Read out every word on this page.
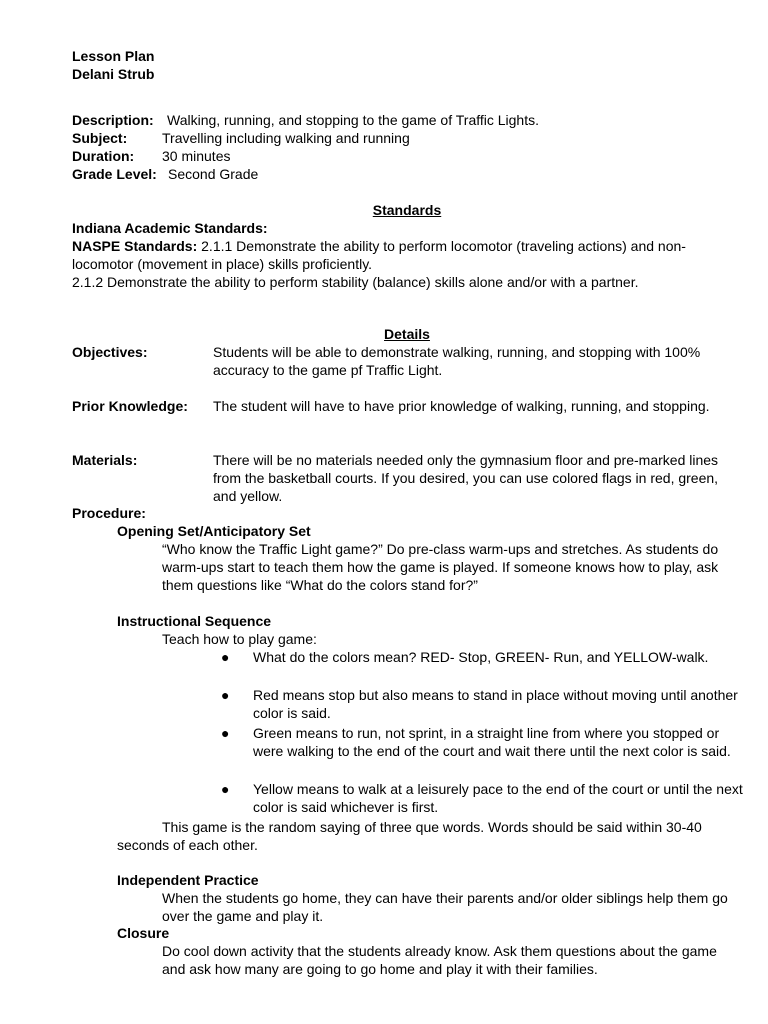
Lesson Plan
Delani Strub
Description: Walking, running, and stopping to the game of Traffic Lights.
Subject: Travelling including walking and running
Duration: 30 minutes
Grade Level: Second Grade
Standards
Indiana Academic Standards:
NASPE Standards: 2.1.1 Demonstrate the ability to perform locomotor (traveling actions) and non-locomotor (movement in place) skills proficiently.
2.1.2 Demonstrate the ability to perform stability (balance) skills alone and/or with a partner.
Details
Objectives:	Students will be able to demonstrate walking, running, and stopping with 100% accuracy to the game pf Traffic Light.
Prior Knowledge: The student will have to have prior knowledge of walking, running, and stopping.
Materials:	There will be no materials needed only the gymnasium floor and pre-marked lines from the basketball courts. If you desired, you can use colored flags in red, green, and yellow.
Procedure:
Opening Set/Anticipatory Set
“Who know the Traffic Light game?” Do pre-class warm-ups and stretches. As students do warm-ups start to teach them how the game is played. If someone knows how to play, ask them questions like “What do the colors stand for?”
Instructional Sequence
Teach how to play game:
● What do the colors mean? RED- Stop, GREEN- Run, and YELLOW-walk.
● Red means stop but also means to stand in place without moving until another color is said.
● Green means to run, not sprint, in a straight line from where you stopped or were walking to the end of the court and wait there until the next color is said.
● Yellow means to walk at a leisurely pace to the end of the court or until the next color is said whichever is first.
This game is the random saying of three que words. Words should be said within 30-40 seconds of each other.
Independent Practice
When the students go home, they can have their parents and/or older siblings help them go over the game and play it.
Closure
Do cool down activity that the students already know. Ask them questions about the game and ask how many are going to go home and play it with their families.
